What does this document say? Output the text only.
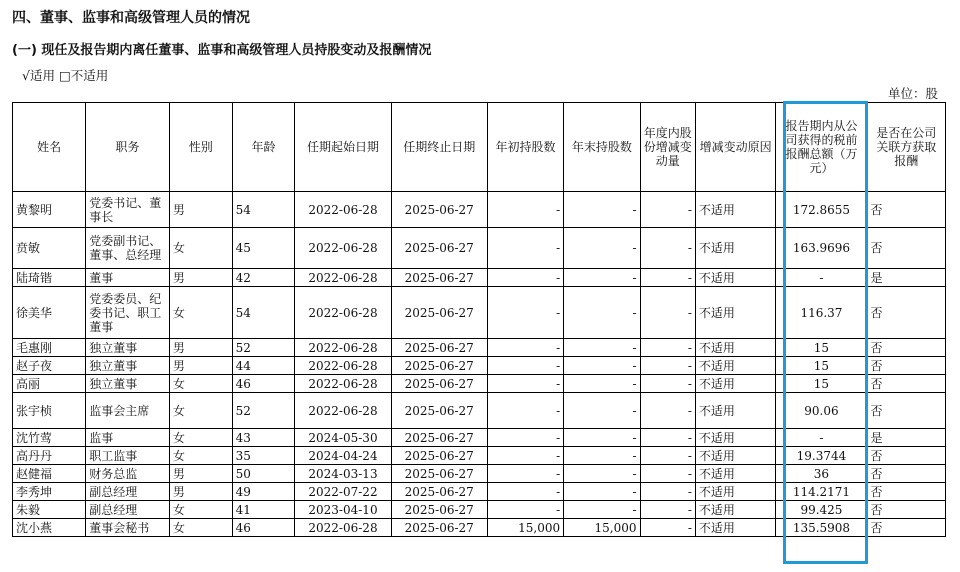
四、董事、监事和高级管理人员的情况
(一) 现任及报告期内离任董事、监事和高级管理人员持股变动及报酬情况
√适用 □不适用
单位：股
姓名	职务	性别	年龄	任期起始日期	任期终止日期	年初持股数	年末持股数	年度内股份增减变动量	增减变动原因	报告期内从公司获得的税前报酬总额（万元）	是否在公司关联方获取报酬
黄黎明	党委书记、董事长	男	54	2022-06-28	2025-06-27	-	-	-	不适用	172.8655	否
贲敏	党委副书记、董事、总经理	女	45	2022-06-28	2025-06-27	-	-	-	不适用	163.9696	否
陆琦锴	董事	男	42	2022-06-28	2025-06-27	-	-	-	不适用	-	是
徐美华	党委委员、纪委书记、职工董事	女	54	2022-06-28	2025-06-27	-	-	-	不适用	116.37	否
毛惠刚	独立董事	男	52	2022-06-28	2025-06-27	-	-	-	不适用	15	否
赵子夜	独立董事	男	44	2022-06-28	2025-06-27	-	-	-	不适用	15	否
高丽	独立董事	女	46	2022-06-28	2025-06-27	-	-	-	不适用	15	否
张宇桢	监事会主席	女	52	2022-06-28	2025-06-27	-	-	-	不适用	90.06	否
沈竹莺	监事	女	43	2024-05-30	2025-06-27	-	-	-	不适用	-	是
高丹丹	职工监事	女	35	2024-04-24	2025-06-27	-	-	-	不适用	19.3744	否
赵健福	财务总监	男	50	2024-03-13	2025-06-27	-	-	-	不适用	36	否
李秀坤	副总经理	男	49	2022-07-22	2025-06-27	-	-	-	不适用	114.2171	否
朱毅	副总经理	女	41	2023-04-10	2025-06-27	-	-	-	不适用	99.425	否
沈小燕	董事会秘书	女	46	2022-06-28	2025-06-27	15,000	15,000	-	不适用	135.5908	否
